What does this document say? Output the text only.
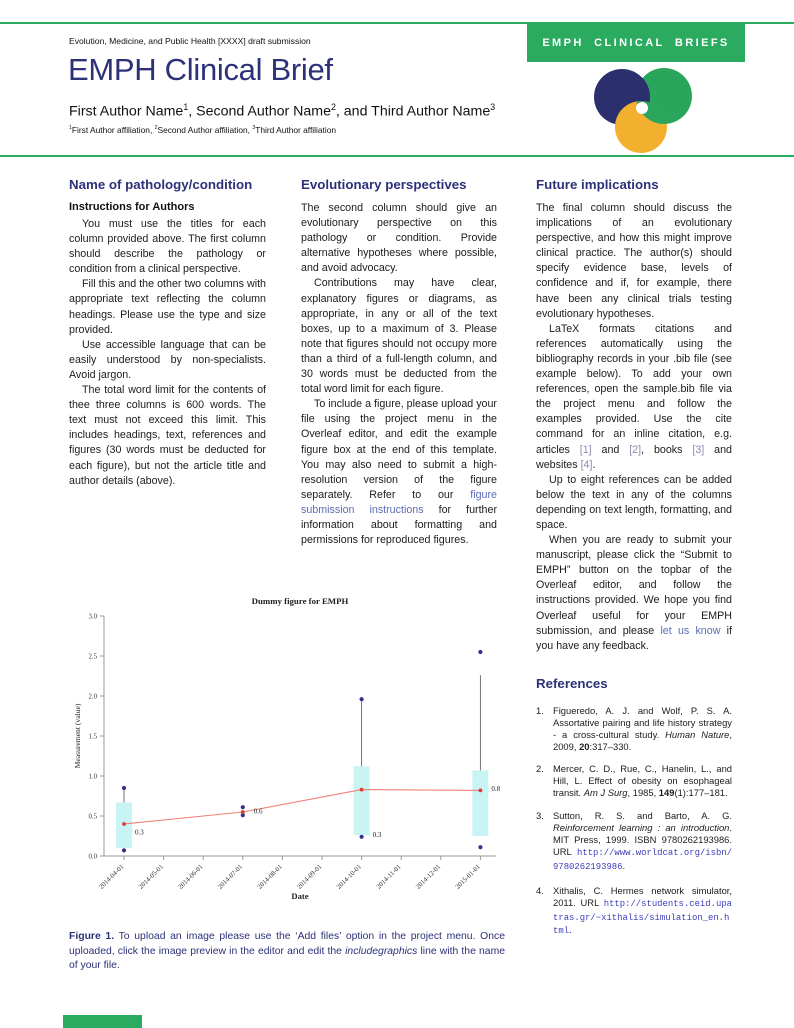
Evolution, Medicine, and Public Health [XXXX] draft submission
EMPH Clinical Brief
First Author Name$^1$, Second Author Name$^2$, and Third Author Name$^3$
$^1$First Author affiliation, $^2$Second Author affiliation, $^3$Third Author affiliation
EMPH CLINICAL BRIEFS
Name of pathology/condition
Instructions for Authors

You must use the titles for each column provided above. The first column should describe the pathology or condition from a clinical perspective.

Fill this and the other two columns with appropriate text reflecting the column headings. Please use the type and size provided.

Use accessible language that can be easily understood by non-specialists. Avoid jargon.

The total word limit for the contents of thee three columns is 600 words. The text must not exceed this limit. This includes headings, text, references and figures (30 words must be deducted for each figure), but not the article title and author details (above).

Evolutionary perspectives

The second column should give an evolutionary perspective on this pathology or condition. Provide alternative hypotheses where possible, and avoid advocacy.

Contributions may have clear, explanatory figures or diagrams, as appropriate, in any or all of the text boxes, up to a maximum of 3. Please note that figures should not occupy more than a third of a full-length column, and 30 words must be deducted from the total word limit for each figure.

To include a figure, please upload your file using the project menu in the Overleaf editor, and edit the example figure box at the end of this template. You may also need to submit a high-resolution version of the figure separately. Refer to our figure submission instructions for further information about formatting and permissions for reproduced figures.

Future implications

The final column should discuss the implications of an evolutionary perspective, and how this might improve clinical practice. The author(s) should specify evidence base, levels of confidence and if, for example, there have been any clinical trials testing evolutionary hypotheses.

LaTeX formats citations and references automatically using the bibliography records in your .bib file (see example below). To add your own references, open the sample.bib file via the project menu and follow the examples provided. Use the cite command for an inline citation, e.g. articles [1] and [2], books [3] and websites [4].

Up to eight references can be added below the text in any of the columns depending on text length, formatting, and space.

When you are ready to submit your manuscript, please click the “Submit to EMPH” button on the topbar of the Overleaf editor, and follow the instructions provided. We hope you find Overleaf useful for your EMPH submission, and please let us know if you have any feedback.

References
1. Figueredo, A. J. and Wolf, P. S. A. Assortative pairing and life history strategy - a cross-cultural study. Human Nature, 2009, 20:317–330.
2. Mercer, C. D., Rue, C., Hanelin, L., and Hill, L. Effect of obesity on esophageal transit. Am J Surg, 1985, 149(1):177–181.
3. Sutton, R. S. and Barto, A. G. Reinforcement learning : an introduction. MIT Press, 1999. ISBN 9780262193986. URL http://www.worldcat.org/isbn/9780262193986.
4. Xithalis, C. Hermes network simulator, 2011. URL http://students.ceid.upatras.gr/~xithalis/simulation_en.html.
0.3
0.6
0.3
0.8
0.0
0.5
1.0
1.5
2.0
2.5
3.0
2014-04-01 2014-05-01 2014-06-01 2014-07-01 2014-08-01 2014-09-01 2014-10-01 2014-11-01 2014-12-01 2015-01-01
Dummy figure for EMPH
Date
Measurement (value)

Figure 1. To upload an image please use the ‘Add files’ option in the project menu. Once uploaded, click the image preview in the editor and edit the includegraphics line with the name of your file.
